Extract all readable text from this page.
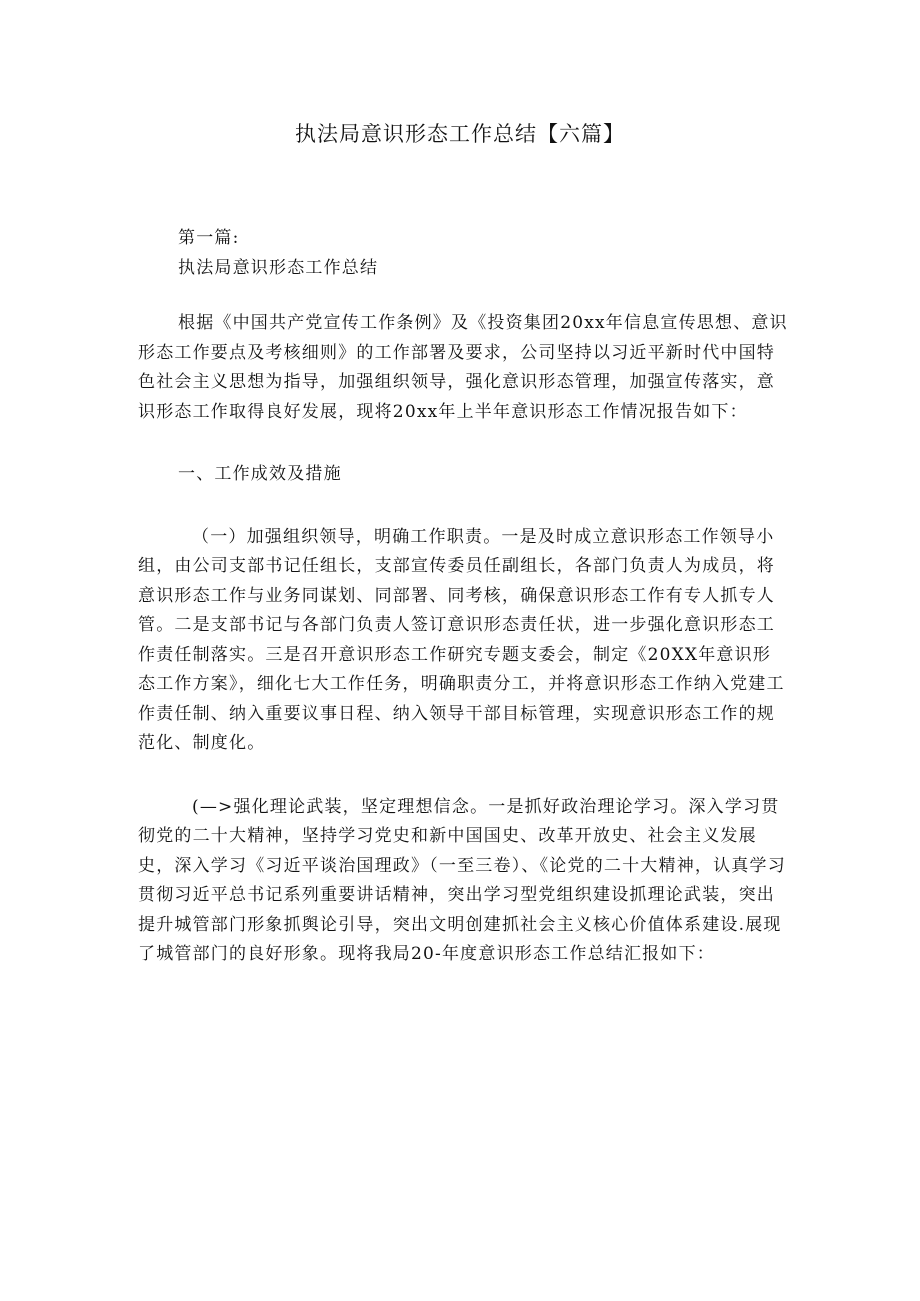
执法局意识形态工作总结【六篇】

第一篇:

执法局意识形态工作总结

根据《中国共产党宣传工作条例》及《投资集团20xx年信息宣传思想、意识形态工作要点及考核细则》的工作部署及要求，公司坚持以习近平新时代中国特色社会主义思想为指导，加强组织领导，强化意识形态管理，加强宣传落实，意识形态工作取得良好发展，现将20xx年上半年意识形态工作情况报告如下：

一、工作成效及措施

（一）加强组织领导，明确工作职责。一是及时成立意识形态工作领导小组，由公司支部书记任组长，支部宣传委员任副组长，各部门负责人为成员，将意识形态工作与业务同谋划、同部署、同考核，确保意识形态工作有专人抓专人管。二是支部书记与各部门负责人签订意识形态责任状，进一步强化意识形态工作责任制落实。三是召开意识形态工作研究专题支委会，制定《20XX年意识形态工作方案》，细化七大工作任务，明确职责分工，并将意识形态工作纳入党建工作责任制、纳入重要议事日程、纳入领导干部目标管理，实现意识形态工作的规范化、制度化。

(—>强化理论武装，坚定理想信念。一是抓好政治理论学习。深入学习贯彻党的二十大精神，坚持学习党史和新中国国史、改革开放史、社会主义发展史，深入学习《习近平谈治国理政》（一至三卷）、《论党的二十大精神，认真学习贯彻习近平总书记系列重要讲话精神，突出学习型党组织建设抓理论武装，突出提升城管部门形象抓舆论引导，突出文明创建抓社会主义核心价值体系建设.展现了城管部门的良好形象。现将我局20-年度意识形态工作总结汇报如下：
